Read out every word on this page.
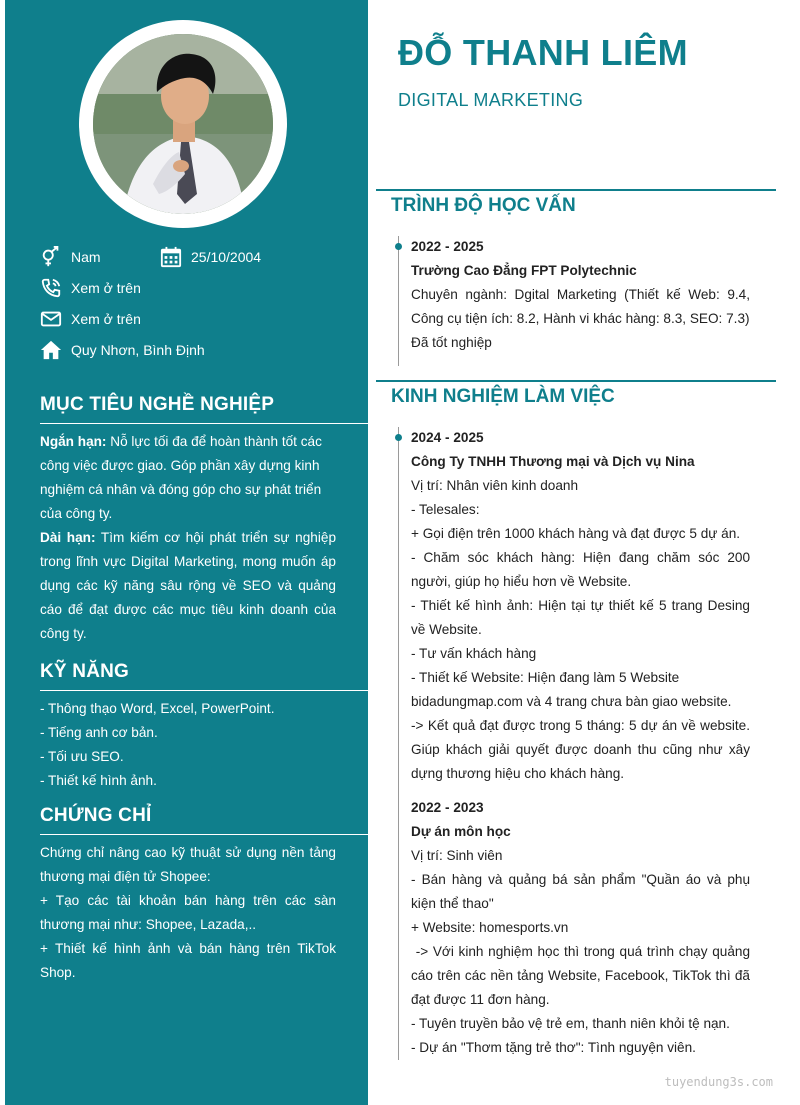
Nam	25/10/2004
Xem ở trên
Xem ở trên
Quy Nhơn, Bình Định
MỤC TIÊU NGHỀ NGHIỆP

Ngắn hạn: Nỗ lực tối đa để hoàn thành tốt các công việc được giao. Góp phần xây dựng kinh nghiệm cá nhân và đóng góp cho sự phát triển của công ty.

Dài hạn: Tìm kiếm cơ hội phát triển sự nghiệp trong lĩnh vực Digital Marketing, mong muốn áp dụng các kỹ năng sâu rộng về SEO và quảng cáo để đạt được các mục tiêu kinh doanh của công ty.

KỸ NĂNG

- Thông thạo Word, Excel, PowerPoint.

- Tiếng anh cơ bản.

- Tối ưu SEO.

- Thiết kế hình ảnh.

CHỨNG CHỈ

Chứng chỉ nâng cao kỹ thuật sử dụng nền tảng thương mại điện tử Shopee:

+ Tạo các tài khoản bán hàng trên các sàn thương mại như: Shopee, Lazada,..

+ Thiết kế hình ảnh và bán hàng trên TikTok Shop.

ĐỖ THANH LIÊM
DIGITAL MARKETING
TRÌNH ĐỘ HỌC VẤN

2022 - 2025

Trường Cao Đẳng FPT Polytechnic

Chuyên ngành: Dgital Marketing (Thiết kế Web: 9.4, Công cụ tiện ích: 8.2, Hành vi khác hàng: 8.3, SEO: 7.3)

Đã tốt nghiệp

KINH NGHIỆM LÀM VIỆC

2024 - 2025

Công Ty TNHH Thương mại và Dịch vụ Nina

Vị trí: Nhân viên kinh doanh

- Telesales:

+ Gọi điện trên 1000 khách hàng và đạt được 5 dự án.

- Chăm sóc khách hàng: Hiện đang chăm sóc 200 người, giúp họ hiểu hơn về Website.

- Thiết kế hình ảnh: Hiện tại tự thiết kế 5 trang Desing về Website.

- Tư vấn khách hàng

- Thiết kế Website: Hiện đang làm 5 Website bidadungmap.com và 4 trang chưa bàn giao website.

-> Kết quả đạt được trong 5 tháng: 5 dự án về website. Giúp khách giải quyết được doanh thu cũng như xây dựng thương hiệu cho khách hàng.

2022 - 2023

Dự án môn học

Vị trí: Sinh viên

- Bán hàng và quảng bá sản phẩm "Quần áo và phụ kiện thể thao"

+ Website: homesports.vn

-> Với kinh nghiệm học thì trong quá trình chạy quảng cáo trên các nền tảng Website, Facebook, TikTok thì đã đạt được 11 đơn hàng.

- Tuyên truyền bảo vệ trẻ em, thanh niên khỏi tệ nạn.

- Dự án "Thơm tặng trẻ thơ": Tình nguyện viên.

tuyendung3s.com
